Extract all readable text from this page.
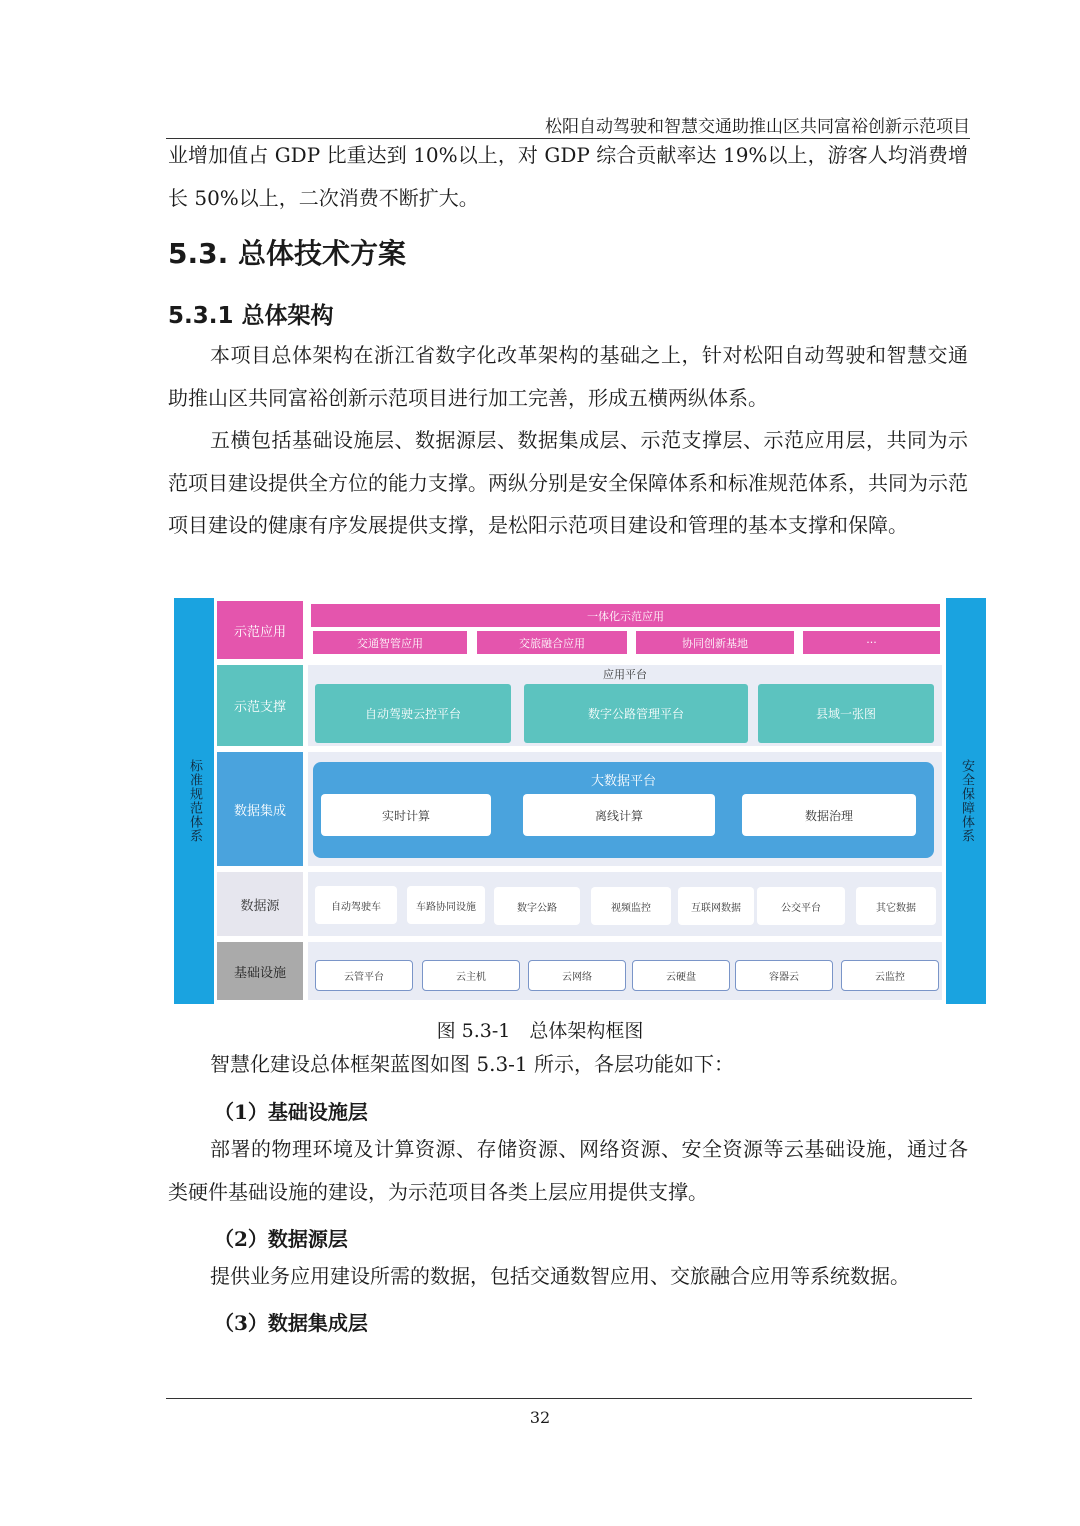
松阳自动驾驶和智慧交通助推山区共同富裕创新示范项目

业增加值占 GDP 比重达到 10%以上，对 GDP 综合贡献率达 19%以上，游客人均消费增长 50%以上，二次消费不断扩大。

5.3. 总体技术方案
5.3.1 总体架构

本项目总体架构在浙江省数字化改革架构的基础之上，针对松阳自动驾驶和智慧交通助推山区共同富裕创新示范项目进行加工完善，形成五横两纵体系。

五横包括基础设施层、数据源层、数据集成层、示范支撑层、示范应用层，共同为示范项目建设提供全方位的能力支撑。两纵分别是安全保障体系和标准规范体系，共同为示范项目建设的健康有序发展提供支撑，是松阳示范项目建设和管理的基本支撑和保障。

标准规范体系	安全保障体系
示范应用
一体化示范应用
交通智管应用	交旅融合应用	协同创新基地	···
示范支撑
应用平台
自动驾驶云控平台	数字公路管理平台	县域一张图
数据集成
大数据平台
实时计算	离线计算	数据治理
数据源	自动驾驶车	车路协同设施	数字公路	视频监控	互联网数据	公交平台	其它数据
基础设施	云管平台	云主机	云网络	云硬盘	容器云	云监控
图 5.3-1　总体架构框图

智慧化建设总体框架蓝图如图 5.3-1 所示，各层功能如下：

（1）基础设施层

部署的物理环境及计算资源、存储资源、网络资源、安全资源等云基础设施，通过各类硬件基础设施的建设，为示范项目各类上层应用提供支撑。

（2）数据源层

提供业务应用建设所需的数据，包括交通数智应用、交旅融合应用等系统数据。

（3）数据集成层

32
